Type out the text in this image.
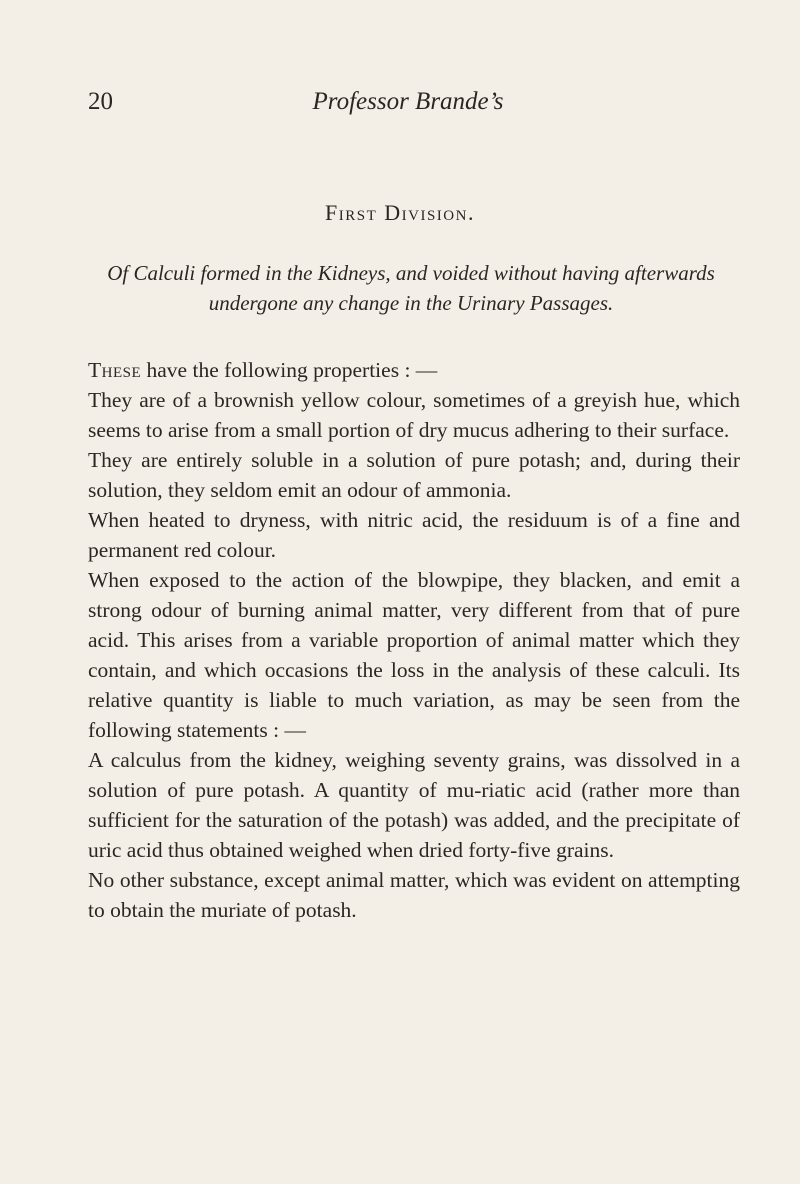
20	Professor Brande’s
First Division.
Of Calculi formed in the Kidneys, and voided without having afterwards undergone any change in the Urinary Passages.

These have the following properties : —

They are of a brownish yellow colour, sometimes of a greyish hue, which seems to arise from a small portion of dry mucus adhering to their surface.

They are entirely soluble in a solution of pure potash; and, during their solution, they seldom emit an odour of ammonia.

When heated to dryness, with nitric acid, the residuum is of a fine and permanent red colour.

When exposed to the action of the blowpipe, they blacken, and emit a strong odour of burning animal matter, very different from that of pure acid. This arises from a variable proportion of animal matter which they contain, and which occasions the loss in the analysis of these calculi. Its relative quantity is liable to much variation, as may be seen from the following statements : —

A calculus from the kidney, weighing seventy grains, was dissolved in a solution of pure potash. A quantity of mu-riatic acid (rather more than sufficient for the saturation of the potash) was added, and the precipitate of uric acid thus obtained weighed when dried forty-five grains.

No other substance, except animal matter, which was evident on attempting to obtain the muriate of potash.
